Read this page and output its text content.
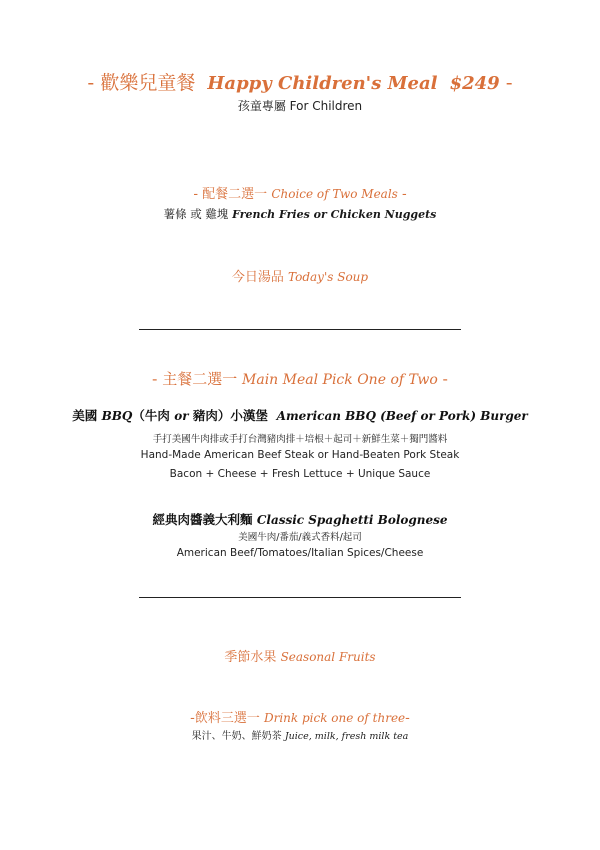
- 歡樂兒童餐 Happy Children's Meal $249 -
孩童專屬 For Children
- 配餐二選一 Choice of Two Meals -
薯條 或 雞塊 French Fries or Chicken Nuggets
今日湯品 Today's Soup
- 主餐二選一 Main Meal Pick One of Two -
美國 BBQ（牛肉 or 豬肉）小漢堡 American BBQ (Beef or Pork) Burger
手打美國牛肉排或手打台灣豬肉排＋培根＋起司＋新鮮生菜＋獨門醬料
Hand-Made American Beef Steak or Hand-Beaten Pork Steak
Bacon + Cheese + Fresh Lettuce + Unique Sauce
經典肉醬義大利麵 Classic Spaghetti Bolognese
美國牛肉/番茄/義式香料/起司
American Beef/Tomatoes/Italian Spices/Cheese
季節水果 Seasonal Fruits
-飲料三選一 Drink pick one of three-
果汁、牛奶、鮮奶茶 Juice, milk, fresh milk tea
